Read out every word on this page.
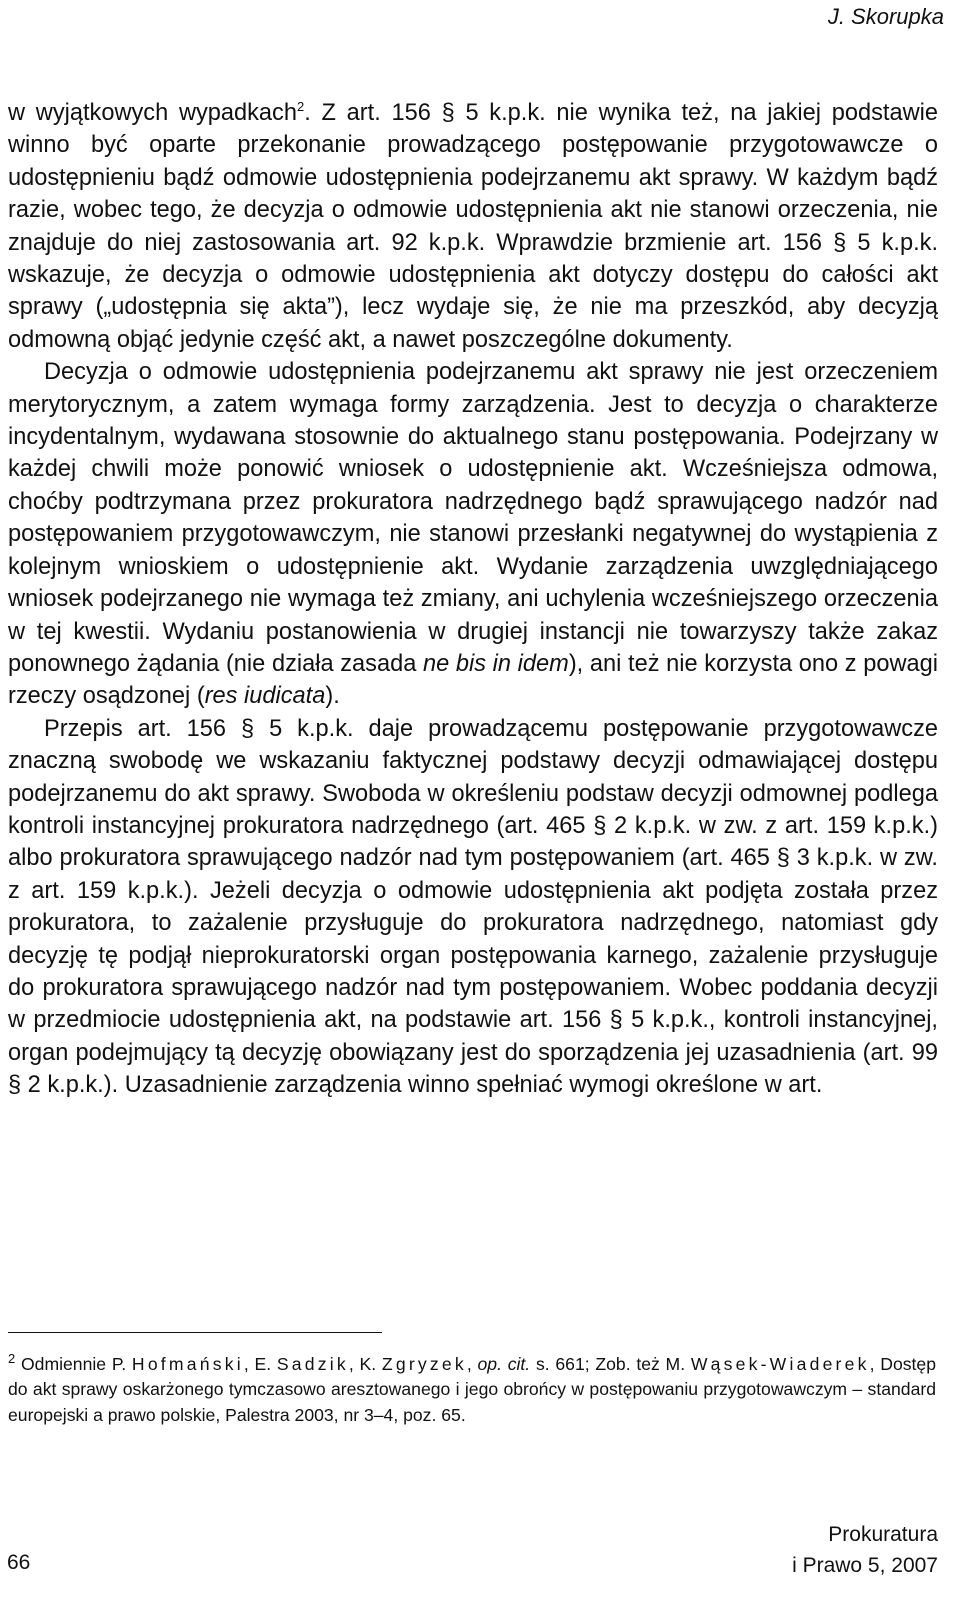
J. Skorupka

w wyjątkowych wypadkach$^2$. Z art. 156 § 5 k.p.k. nie wynika też, na jakiej podstawie winno być oparte przekonanie prowadzącego postępowanie przygotowawcze o udostępnieniu bądź odmowie udostępnienia podejrzanemu akt sprawy. W każdym bądź razie, wobec tego, że decyzja o odmowie udostępnienia akt nie stanowi orzeczenia, nie znajduje do niej zastosowania art. 92 k.p.k. Wprawdzie brzmienie art. 156 § 5 k.p.k. wskazuje, że decyzja o odmowie udostępnienia akt dotyczy dostępu do całości akt sprawy („udostępnia się akta”), lecz wydaje się, że nie ma przeszkód, aby decyzją odmowną objąć jedynie część akt, a nawet poszczególne dokumenty.

Decyzja o odmowie udostępnienia podejrzanemu akt sprawy nie jest orzeczeniem merytorycznym, a zatem wymaga formy zarządzenia. Jest to decyzja o charakterze incydentalnym, wydawana stosownie do aktualnego stanu postępowania. Podejrzany w każdej chwili może ponowić wniosek o udostępnienie akt. Wcześniejsza odmowa, choćby podtrzymana przez prokuratora nadrzędnego bądź sprawującego nadzór nad postępowaniem przygotowawczym, nie stanowi przesłanki negatywnej do wystąpienia z kolejnym wnioskiem o udostępnienie akt. Wydanie zarządzenia uwzględniającego wniosek podejrzanego nie wymaga też zmiany, ani uchylenia wcześniejszego orzeczenia w tej kwestii. Wydaniu postanowienia w drugiej instancji nie towarzyszy także zakaz ponownego żądania (nie działa zasada ne bis in idem), ani też nie korzysta ono z powagi rzeczy osądzonej (res iudicata).

Przepis art. 156 § 5 k.p.k. daje prowadzącemu postępowanie przygotowawcze znaczną swobodę we wskazaniu faktycznej podstawy decyzji odmawiającej dostępu podejrzanemu do akt sprawy. Swoboda w określeniu podstaw decyzji odmownej podlega kontroli instancyjnej prokuratora nadrzędnego (art. 465 § 2 k.p.k. w zw. z art. 159 k.p.k.) albo prokuratora sprawującego nadzór nad tym postępowaniem (art. 465 § 3 k.p.k. w zw. z art. 159 k.p.k.). Jeżeli decyzja o odmowie udostępnienia akt podjęta została przez prokuratora, to zażalenie przysługuje do prokuratora nadrzędnego, natomiast gdy decyzję tę podjął nieprokuratorski organ postępowania karnego, zażalenie przysługuje do prokuratora sprawującego nadzór nad tym postępowaniem. Wobec poddania decyzji w przedmiocie udostępnienia akt, na podstawie art. 156 § 5 k.p.k., kontroli instancyjnej, organ podejmujący tą decyzję obowiązany jest do sporządzenia jej uzasadnienia (art. 99 § 2 k.p.k.). Uzasadnienie zarządzenia winno spełniać wymogi określone w art.

$^2$ Odmiennie P. Hofmański, E. Sadzik, K. Zgryzek, op. cit. s. 661; Zob. też M. Wąsek-Wiaderek, Dostęp do akt sprawy oskarżonego tymczasowo aresztowanego i jego obrońcy w postępowaniu przygotowawczym – standard europejski a prawo polskie, Palestra 2003, nr 3–4, poz. 65.
66
Prokuratura
i Prawo 5, 2007
